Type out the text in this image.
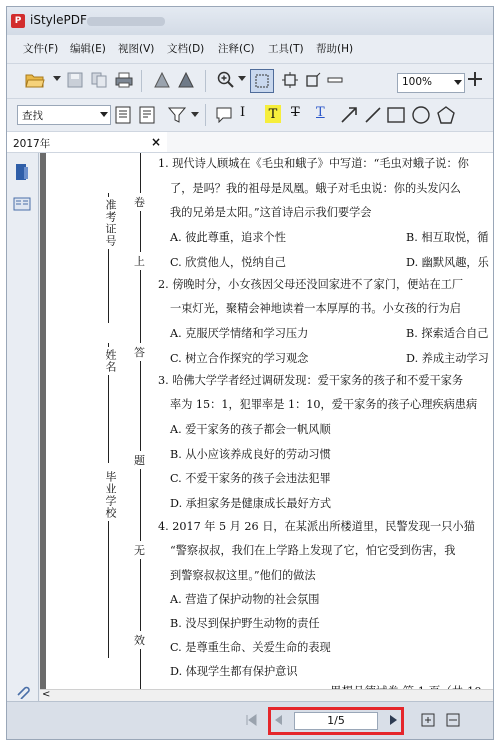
P iStylePDF
文件(F) 编辑(E) 视图(V) 文档(D) 注释(C) 工具(T) 帮助(H)
100%
I T T T
查找
2017年	×
准考证号
姓名
毕业学校
卷
上
答
题
无
效
1. 现代诗人顾城在《毛虫和蛾子》中写道：“毛虫对蛾子说：你
了，是吗？我的祖母是凤凰。蛾子对毛虫说：你的头发闪么
我的兄弟是太阳。”这首诗启示我们要学会
A. 彼此尊重，追求个性	B. 相互取悦，循
C. 欣赏他人，悦纳自己	D. 幽默风趣，乐
2. 傍晚时分，小女孩因父母还没回家进不了家门，便站在工厂
一束灯光，聚精会神地读着一本厚厚的书。小女孩的行为启
A. 克服厌学情绪和学习压力	B. 探索适合自己
C. 树立合作探究的学习观念	D. 养成主动学习
3. 哈佛大学学者经过调研发现：爱干家务的孩子和不爱干家务
率为 15：1，犯罪率是 1：10，爱干家务的孩子心理疾病患病
A. 爱干家务的孩子都会一帆风顺
B. 从小应该养成良好的劳动习惯
C. 不爱干家务的孩子会违法犯罪
D. 承担家务是健康成长最好方式
4. 2017 年 5 月 26 日，在某派出所楼道里，民警发现一只小猫
“警察叔叔，我们在上学路上发现了它，怕它受到伤害，我
到警察叔叔这里。”他们的做法
A. 营造了保护动物的社会氛围
B. 没尽到保护野生动物的责任
C. 是尊重生命、关爱生命的表现
D. 体现学生都有保护意识
<
1/5
